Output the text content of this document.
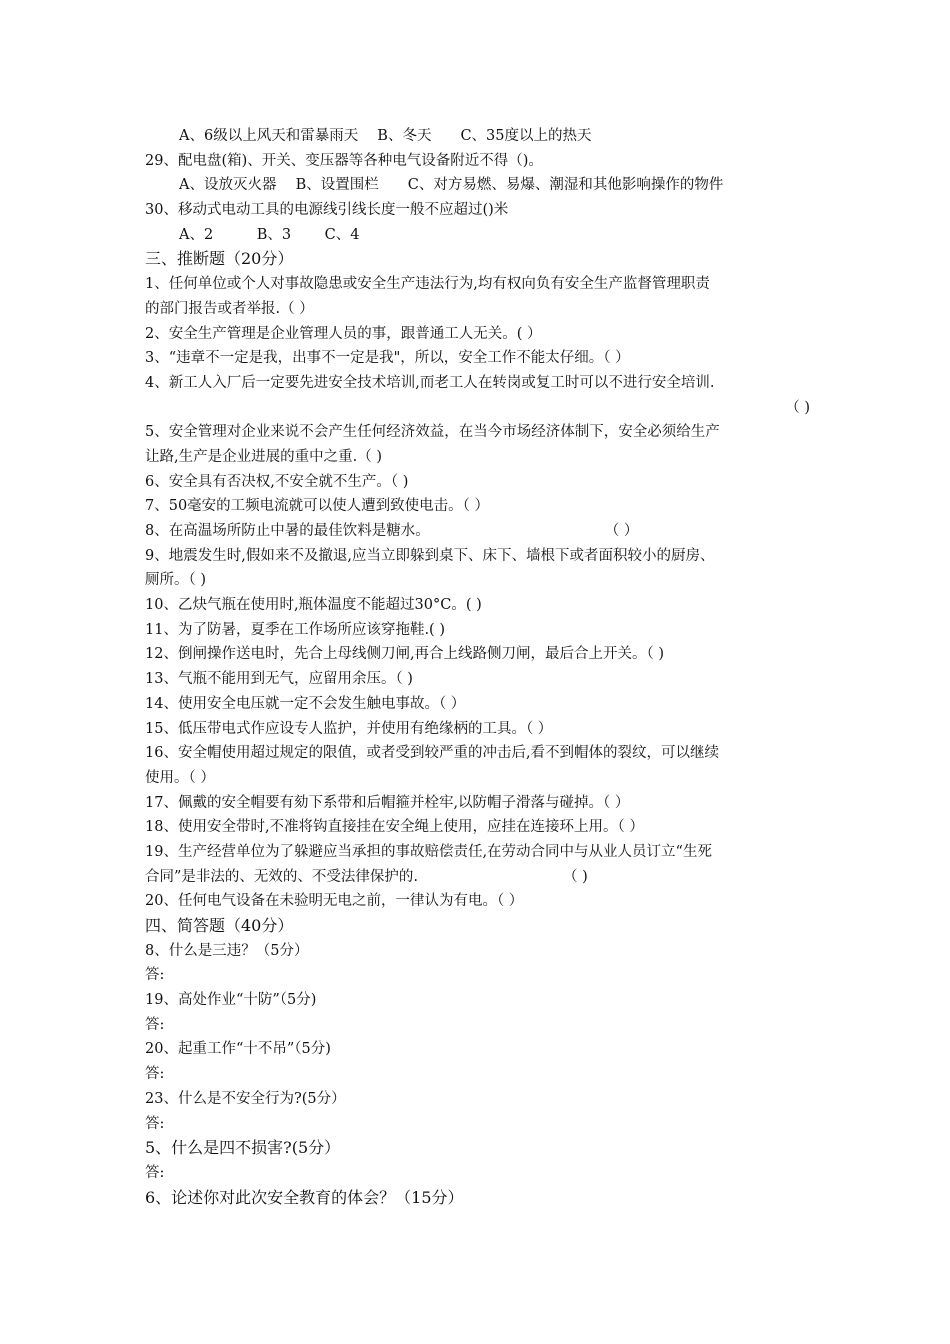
A、6级以上风天和雷暴雨天　 B、冬天　　C、35度以上的热天
29、配电盘(箱)、开关、变压器等各种电气设备附近不得（)。
A、设放灭火器　 B、设置围栏　　C、对方易燃、易爆、潮湿和其他影响操作的物件
30、移动式电动工具的电源线引线长度一般不应超过()米
A、2　　　B、3　　 C、4
三、推断题（20分）
1、任何单位或个人对事故隐患或安全生产违法行为,均有权向负有安全生产监督管理职责
的部门报告或者举报.（ ）
2、安全生产管理是企业管理人员的事，跟普通工人无关。( ）
3、“违章不一定是我，出事不一定是我"，所以，安全工作不能太仔细。（ ）
4、新工人入厂后一定要先进安全技术培训,而老工人在转岗或复工时可以不进行安全培训.
（ )
5、安全管理对企业来说不会产生任何经济效益，在当今市场经济体制下，安全必须给生产
让路,生产是企业进展的重中之重.（ )
6、安全具有否决权,不安全就不生产。（ )
7、50毫安的工频电流就可以使人遭到致使电击。（ ）
8、在高温场所防止中暑的最佳饮料是糖水。	（ ）
9、地震发生时,假如来不及撤退,应当立即躲到桌下、床下、墙根下或者面积较小的厨房、
厕所。（ )
10、乙炔气瓶在使用时,瓶体温度不能超过30°C。( )
11、为了防暑，夏季在工作场所应该穿拖鞋.( )
12、倒闸操作送电时，先合上母线侧刀闸,再合上线路侧刀闸，最后合上开关。（ )
13、气瓶不能用到无气，应留用余压。（ )
14、使用安全电压就一定不会发生触电事故。（ ）
15、低压带电式作应设专人监护，并使用有绝缘柄的工具。（ ）
16、安全帽使用超过规定的限值，或者受到较严重的冲击后,看不到帽体的裂纹，可以继续
使用。（ ）
17、佩戴的安全帽要有劾下系带和后帽箍并栓牢,以防帽子滑落与碰掉。（ ）
18、使用安全带时,不准将钩直接挂在安全绳上使用，应挂在连接环上用。（ ）
19、生产经营单位为了躲避应当承担的事故赔偿责任,在劳动合同中与从业人员订立“生死
合同”是非法的、无效的、不受法律保护的.	（ )
20、任何电气设备在未验明无电之前，一律认为有电。（ ）
四、简答题（40分）
8、什么是三违？（5分）
答:
19、高处作业“十防”（5分)
答:
20、起重工作“十不吊”（5分)
答:
23、什么是不安全行为?(5分）
答:
5、什么是四不损害?(5分）
答:
6、论述你对此次安全教育的体会？（15分）
